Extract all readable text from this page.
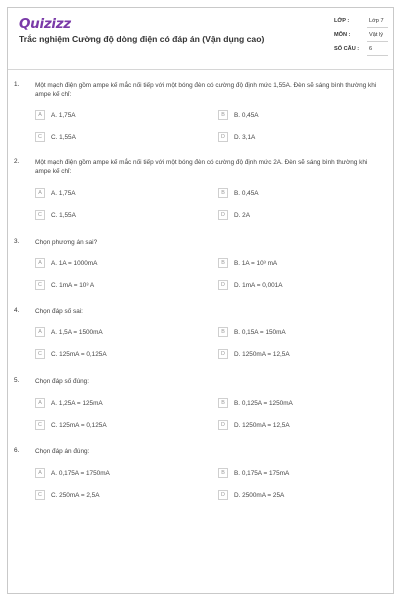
Quizizz
Trắc nghiệm Cường độ dòng điện có đáp án (Vận dụng cao)
LỚP :	Lớp 7
MÔN :	Vật lý
SỐ CÂU : 6
1. Một mạch điện gồm ampe kế mắc nối tiếp với một bóng đèn có cường độ định mức 1,55A. Đèn sẽ sáng bình thường khi ampe kế chỉ:
A	A. 1,75A	B	B. 0,45A
C	C. 1,55A	D	D. 3,1A
2. Một mạch điện gồm ampe kế mắc nối tiếp với một bóng đèn có cường độ định mức 2A. Đèn sẽ sáng bình thường khi ampe kế chỉ:
A	A. 1,75A	B	B. 0,45A
C	C. 1,55A	D	D. 2A
3. Chọn phương án sai?
A	A. 1A = 1000mA	B	B. 1A = 10³ mA
C	C. 1mA = 10³ A	D	D. 1mA = 0,001A
4. Chọn đáp số sai:
A	A. 1,5A = 1500mA	B	B. 0,15A = 150mA
C	C. 125mA = 0,125A	D	D. 1250mA = 12,5A
5. Chọn đáp số đúng:
A	A. 1,25A = 125mA	B	B. 0,125A = 1250mA
C	C. 125mA = 0,125A	D	D. 1250mA = 12,5A
6. Chọn đáp án đúng:
A	A. 0,175A = 1750mA	B	B. 0,175A = 175mA
C	C. 250mA = 2,5A	D	D. 2500mA = 25A
